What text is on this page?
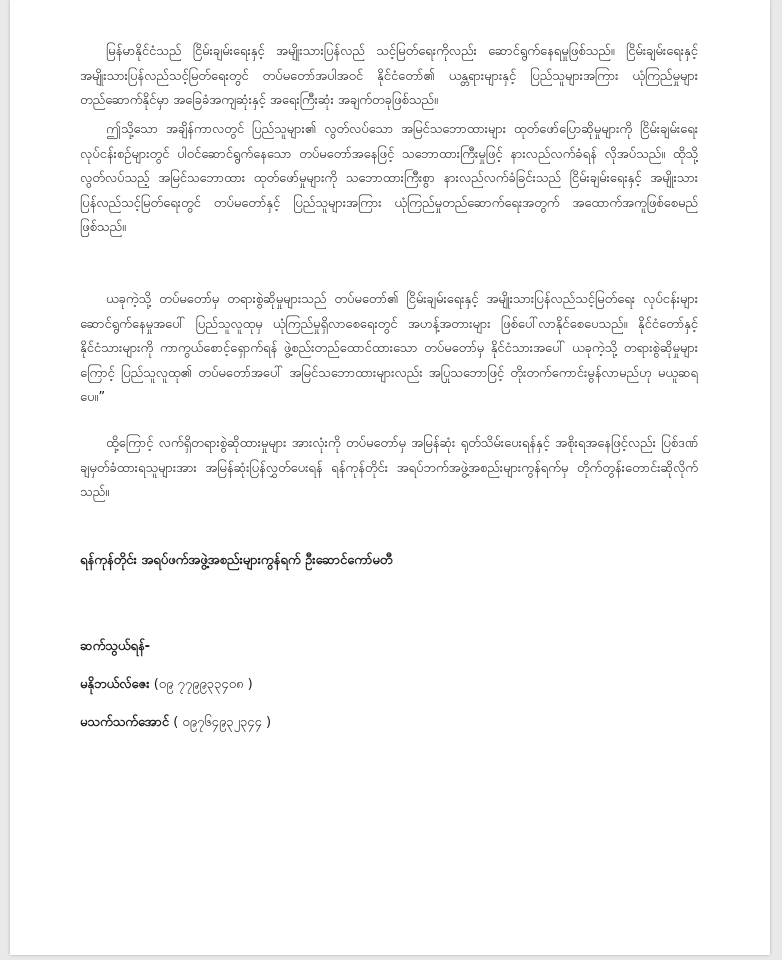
မြန်မာနိုင်ငံသည် ငြိမ်းချမ်းရေးနှင့် အမျိုးသားပြန်လည် သင့်မြတ်ရေးကိုလည်း ဆောင်ရွက်နေရမှုဖြစ်သည်။ ငြိမ်းချမ်းရေးနှင့် အမျိုးသားပြန်လည်သင့်မြတ်ရေးတွင် တပ်မတော်အပါအဝင် နိုင်ငံတော်၏ ယန္တရားများနှင့် ပြည်သူများအကြား ယုံကြည်မှုများ တည်ဆောက်နိုင်မှာ အခြေခံအကျဆုံးနှင့် အရေးကြီးဆုံး အချက်တခုဖြစ်သည်။

ဤသို့သော အချိန်ကာလတွင် ပြည်သူများ၏ လွတ်လပ်သော အမြင်သဘောထားများ ထုတ်ဖော်ပြောဆိုမှုများကို ငြိမ်းချမ်းရေးလုပ်ငန်းစဉ်များတွင် ပါဝင်ဆောင်ရွက်နေသော တပ်မတော်အနေဖြင့် သဘောထားကြီးမှုဖြင့် နားလည်လက်ခံရန် လိုအပ်သည်။ ထိုသို့ လွတ်လပ်သည့် အမြင်သဘောထား ထုတ်ဖော်မှုများကို သဘောထားကြီးစွာ နားလည်လက်ခံခြင်းသည် ငြိမ်းချမ်းရေးနှင့် အမျိုးသားပြန်လည်သင့်မြတ်ရေးတွင် တပ်မတော်နှင့် ပြည်သူများအကြား ယုံကြည်မှုတည်ဆောက်ရေးအတွက် အထောက်အကူဖြစ်စေမည်ဖြစ်သည်။

ယခုကဲ့သို့ တပ်မတော်မှ တရားစွဲဆိုမှုများသည် တပ်မတော်၏ ငြိမ်းချမ်းရေးနှင့် အမျိုးသားပြန်လည်သင့်မြတ်ရေး လုပ်ငန်းများ ဆောင်ရွက်နေမှုအပေါ် ပြည်သူလူထုမှ ယုံကြည်မှုရှိလာစေရေးတွင် အဟန့်အတားများ ဖြစ်ပေါ်လာနိုင်စေပေသည်။ နိုင်ငံတော်နှင့် နိုင်ငံသားများကို ကာကွယ်စောင့်ရှောက်ရန် ဖွဲ့စည်းတည်ထောင်ထားသော တပ်မတော်မှ နိုင်ငံသားအပေါ် ယခုကဲ့သို့ တရားစွဲဆိုမှုများကြောင့် ပြည်သူလူထု၏ တပ်မတော်အပေါ် အမြင်သဘောထားများလည်း အပြုသဘောဖြင့် တိုးတက်ကောင်းမွန်လာမည်ဟု မယူဆရပေ။”

ထို့ကြောင့် လက်ရှိတရားစွဲဆိုထားမှုများ အားလုံးကို တပ်မတော်မှ အမြန်ဆုံး ရုတ်သိမ်းပေးရန်နှင့် အစိုးရအနေဖြင့်လည်း ပြစ်ဒဏ်ချမှတ်ခံထားရသူများအား အမြန်ဆုံးပြန်လွှတ်ပေးရန် ရန်ကုန်တိုင်း အရပ်ဘက်အဖွဲ့အစည်းများကွန်ရက်မှ တိုက်တွန်းတောင်းဆိုလိုက်သည်။

ရန်ကုန်တိုင်း အရပ်ဖက်အဖွဲ့အစည်းများကွန်ရက် ဦးဆောင်ကော်မတီ

ဆက်သွယ်ရန်-

မနိုဘယ်လ်ဇေး (၀၉ ၇၇၉၉၃၃၄၀၈ )

မသက်သက်အောင် ( ၀၉၇၆၄၉၃၂၃၄၄ )
